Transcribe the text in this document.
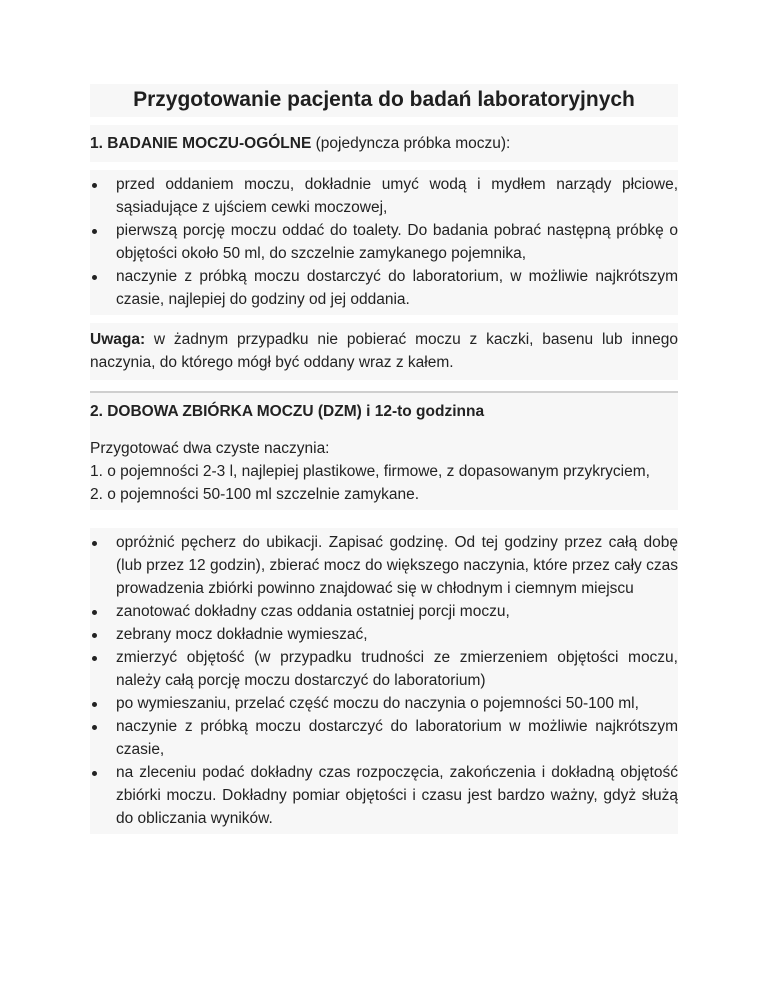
Przygotowanie pacjenta do badań laboratoryjnych

1. BADANIE MOCZU-OGÓLNE (pojedyncza próbka moczu):

przed oddaniem moczu, dokładnie umyć wodą i mydłem narządy płciowe, sąsiadujące z ujściem cewki moczowej,
pierwszą porcję moczu oddać do toalety. Do badania pobrać następną próbkę o objętości około 50 ml, do szczelnie zamykanego pojemnika,
naczynie z próbką moczu dostarczyć do laboratorium, w możliwie najkrótszym czasie, najlepiej do godziny od jej oddania.

Uwaga: w żadnym przypadku nie pobierać moczu z kaczki, basenu lub innego naczynia, do którego mógł być oddany wraz z kałem.

2. DOBOWA ZBIÓRKA MOCZU (DZM) i 12-to godzinna

Przygotować dwa czyste naczynia:

1. o pojemności 2-3 l, najlepiej plastikowe, firmowe, z dopasowanym przykryciem,

2. o pojemności 50-100 ml szczelnie zamykane.

opróżnić pęcherz do ubikacji. Zapisać godzinę. Od tej godziny przez całą dobę (lub przez 12 godzin), zbierać mocz do większego naczynia, które przez cały czas prowadzenia zbiórki powinno znajdować się w chłodnym i ciemnym miejscu
zanotować dokładny czas oddania ostatniej porcji moczu,
zebrany mocz dokładnie wymieszać,
zmierzyć objętość (w przypadku trudności ze zmierzeniem objętości moczu, należy całą porcję moczu dostarczyć do laboratorium)
po wymieszaniu, przelać część moczu do naczynia o pojemności 50-100 ml,
naczynie z próbką moczu dostarczyć do laboratorium w możliwie najkrótszym czasie,
na zleceniu podać dokładny czas rozpoczęcia, zakończenia i dokładną objętość zbiórki moczu. Dokładny pomiar objętości i czasu jest bardzo ważny, gdyż służą do obliczania wyników.
